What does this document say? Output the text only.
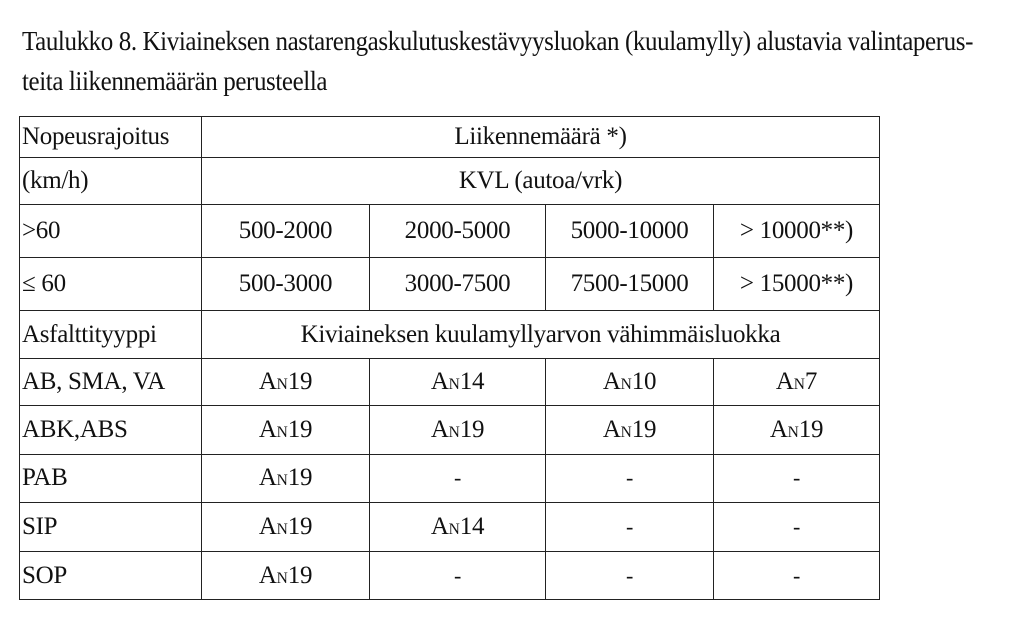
Taulukko 8. Kiviaineksen nastarengaskulutuskestävyysluokan (kuulamylly) alustavia valintaperus-
teita liikennemäärän perusteella
Nopeusrajoitus	Liikennemäärä *)			
(km/h)	KVL (autoa/vrk)			
>60	500-2000	2000-5000	5000-10000	> 10000**)
≤ 60	500-3000	3000-7500	7500-15000	> 15000**)
Asfalttityyppi	Kiviaineksen kuulamyllyarvon vähimmäisluokka			
AB, SMA, VA	AN19	AN14	AN10	AN7
ABK,ABS	AN19	AN19	AN19	AN19
PAB	AN19	-	-	-
SIP	AN19	AN14	-	-
SOP	AN19	-	-	-
